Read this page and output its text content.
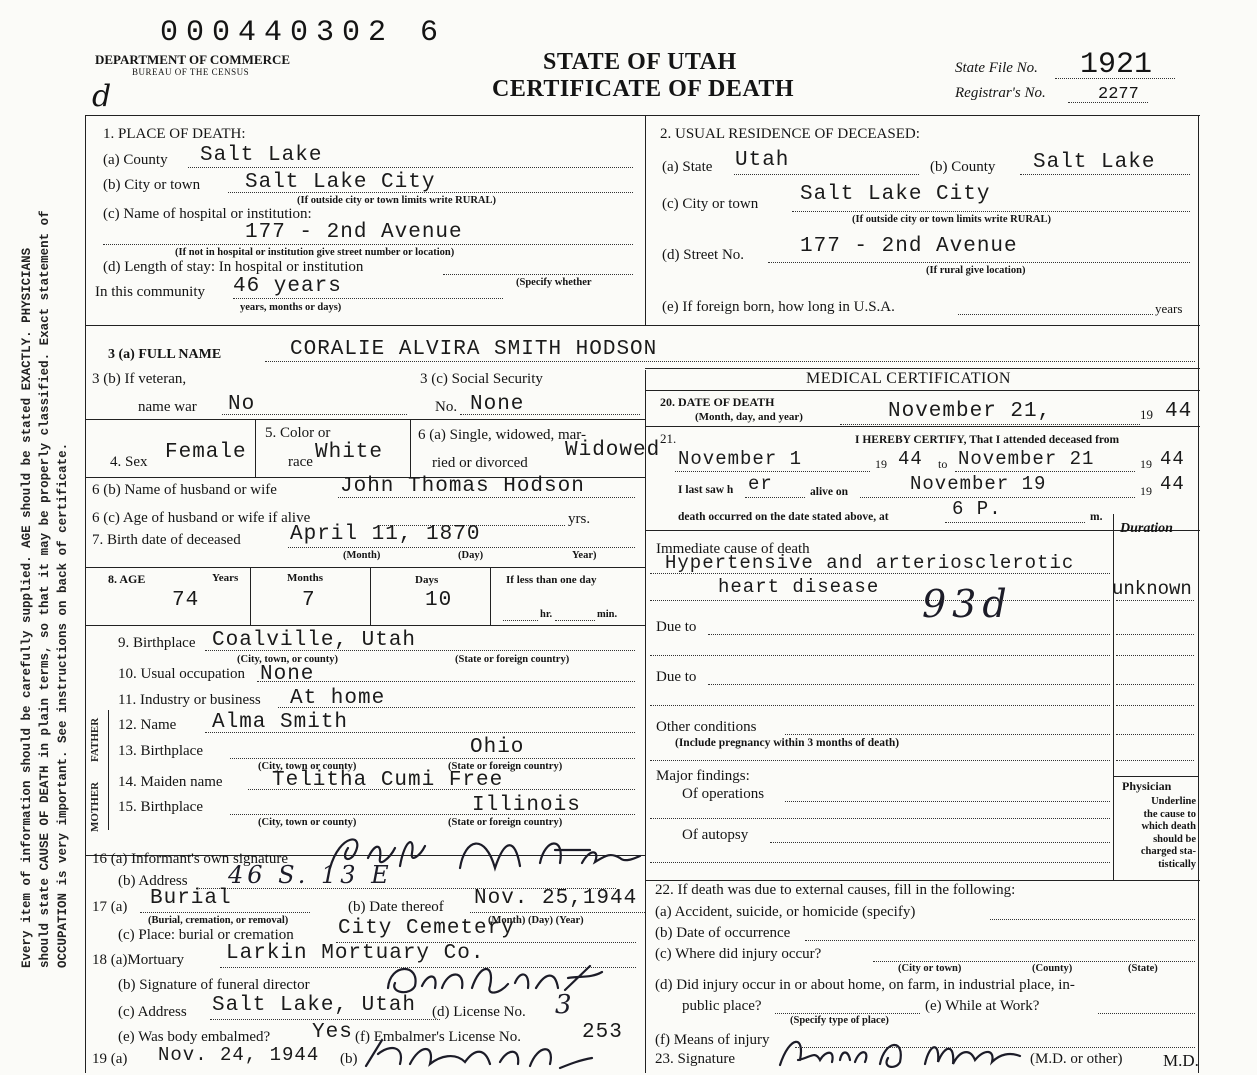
Every item of information should be carefully supplied. AGE should be stated EXACTLY. PHYSICIANS should state CAUSE OF DEATH in plain terms, so that it may be properly classified. Exact statement of OCCUPATION is very important. See instructions on back of certificate.
000440302 6
DEPARTMENT OF COMMERCE
BUREAU OF THE CENSUS
d
STATE OF UTAH
CERTIFICATE OF DEATH
State File No. 1921
Registrar's No.	2277
1. PLACE OF DEATH:
(a) County Salt Lake
(b) City or town Salt Lake City
(If outside city or town limits write RURAL)
(c) Name of hospital or institution:
177 - 2nd Avenue
(If not in hospital or institution give street number or location)
(d) Length of stay: In hospital or institution
In this community 46 years	(Specify whether
years, months or days)
2. USUAL RESIDENCE OF DECEASED:
(a) State Utah	(b) County Salt Lake
(c) City or town Salt Lake City
(If outside city or town limits write RURAL)
(d) Street No.	177 - 2nd Avenue
(If rural give location)
(e) If foreign born, how long in U.S.A.	years
3 (a) FULL NAME	CORALIE ALVIRA SMITH HODSON
3 (b) If veteran,
name war No
3 (c) Social Security
No. None
4. Sex Female
5. Color or
race White
6 (a) Single, widowed, mar-
ried or divorced
Widowed
6 (b) Name of husband or wife	John Thomas Hodson
6 (c) Age of husband or wife if alive	yrs.
7. Birth date of deceased April 11, 1870
(Month)	(Day)	Year)
8. AGE	Years	Months	Days	If less than one day
74	7	10
hr.	min.
9. Birthplace Coalville, Utah
(City, town, or county)	(State or foreign country)
10. Usual occupation None
11. Industry or business At home
FATHER
MOTHER
12. Name Alma Smith
13. Birthplace	Ohio
(City, town or county)	(State or foreign country)
14. Maiden name Telitha Cumi Free
15. Birthplace	Illinois
(City, town or county)	(State or foreign country)
16 (a) Informant's own signature
(b) Address 46 S. 13 E
17 (a) Burial
(Burial, cremation, or removal)
(b) Date thereof Nov. 25,1944
(Month) (Day) (Year)
(c) Place: burial or cremation City Cemetery
18 (a)Mortuary Larkin Mortuary Co.
(b) Signature of funeral director
(c) Address Salt Lake, Utah (d) License No. 3
(e) Was body embalmed? Yes (f) Embalmer's License No.	253
19 (a) Nov. 24, 1944 (b)
MEDICAL CERTIFICATION
20. DATE OF DEATH
(Month, day, and year)	November 21,	19 44
21.	I HEREBY CERTIFY, That I attended deceased from
November 1	19 44 to November 21	19 44
I last saw h er	alive on	November 19	19 44
death occurred on the date stated above, at	6 P.	m.
Duration
Immediate cause of death
Hypertensive and arteriosclerotic
heart disease 93d	unknown
Due to
Due to
Other conditions
(Include pregnancy within 3 months of death)
Major findings:
Of operations
Of autopsy
Physician
Underline
the cause to
which death
should be
charged sta-
tistically
22. If death was due to external causes, fill in the following:
(a) Accident, suicide, or homicide (specify)
(b) Date of occurrence
(c) Where did injury occur?
(City or town)	(County)	(State)
(d) Did injury occur in or about home, on farm, in industrial place, in-
public place?	(e) While at Work?
(Specify type of place)
(f) Means of injury
23. Signature	(M.D. or other) M.D.
